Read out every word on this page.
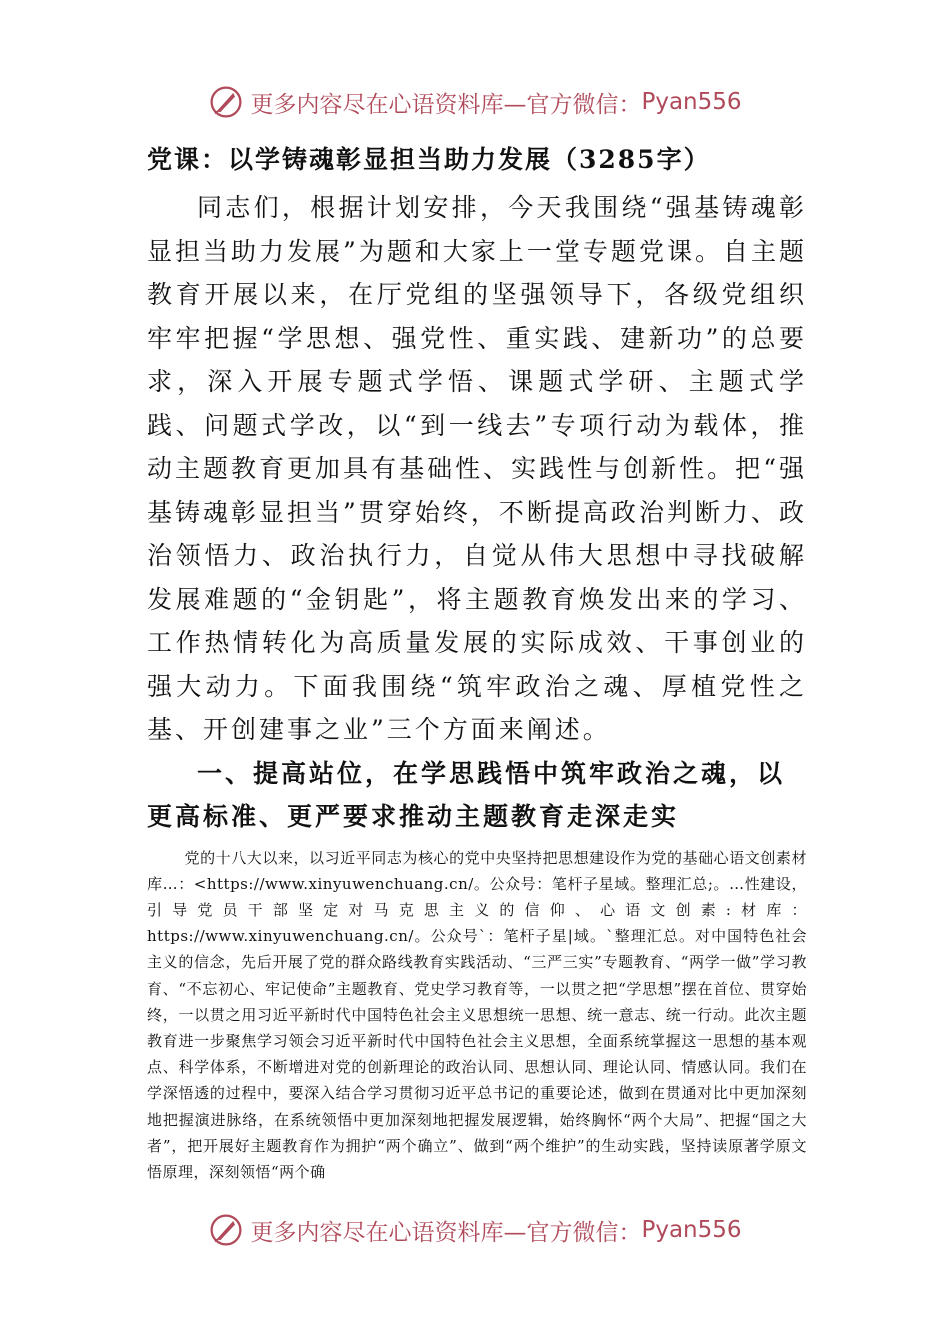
更多内容尽在心语资料库—官方微信： Pyan556
党课：以学铸魂彰显担当助力发展（3285字）

同志们，根据计划安排，今天我围绕“强基铸魂彰显担当助力发展”为题和大家上一堂专题党课。自主题教育开展以来，在厅党组的坚强领导下，各级党组织牢牢把握“学思想、强党性、重实践、建新功”的总要求，深入开展专题式学悟、课题式学研、主题式学践、问题式学改，以“到一线去”专项行动为载体，推动主题教育更加具有基础性、实践性与创新性。把“强基铸魂彰显担当”贯穿始终，不断提高政治判断力、政治领悟力、政治执行力，自觉从伟大思想中寻找破解发展难题的“金钥匙”，将主题教育焕发出来的学习、工作热情转化为高质量发展的实际成效、干事创业的强大动力。下面我围绕“筑牢政治之魂、厚植党性之基、开创建事之业”三个方面来阐述。

一、提高站位，在学思践悟中筑牢政治之魂，以更高标准、更严要求推动主题教育走深走实

党的十八大以来，以习近平同志为核心的党中央坚持把思想建设作为党的基础心语文创素材库…：<https://www.xinyuwenchuang.cn/。公众号：笔杆子星域。整理汇总;。…性建设，引导党员干部坚定对马克思主义的信仰、心语文创素:材库：https://www.xinyuwenchuang.cn/。公众号`：笔杆子星|域。`整理汇总。对中国特色社会主义的信念，先后开展了党的群众路线教育实践活动、“三严三实”专题教育、“两学一做”学习教育、“不忘初心、牢记使命”主题教育、党史学习教育等，一以贯之把“学思想”摆在首位、贯穿始终，一以贯之用习近平新时代中国特色社会主义思想统一思想、统一意志、统一行动。此次主题教育进一步聚焦学习领会习近平新时代中国特色社会主义思想，全面系统掌握这一思想的基本观点、科学体系，不断增进对党的创新理论的政治认同、思想认同、理论认同、情感认同。我们在学深悟透的过程中，要深入结合学习贯彻习近平总书记的重要论述，做到在贯通对比中更加深刻地把握演进脉络，在系统领悟中更加深刻地把握发展逻辑，始终胸怀“两个大局”、把握“国之大者”，把开展好主题教育作为拥护“两个确立”、做到“两个维护”的生动实践，坚持读原著学原文悟原理，深刻领悟“两个确

更多内容尽在心语资料库—官方微信： Pyan556
